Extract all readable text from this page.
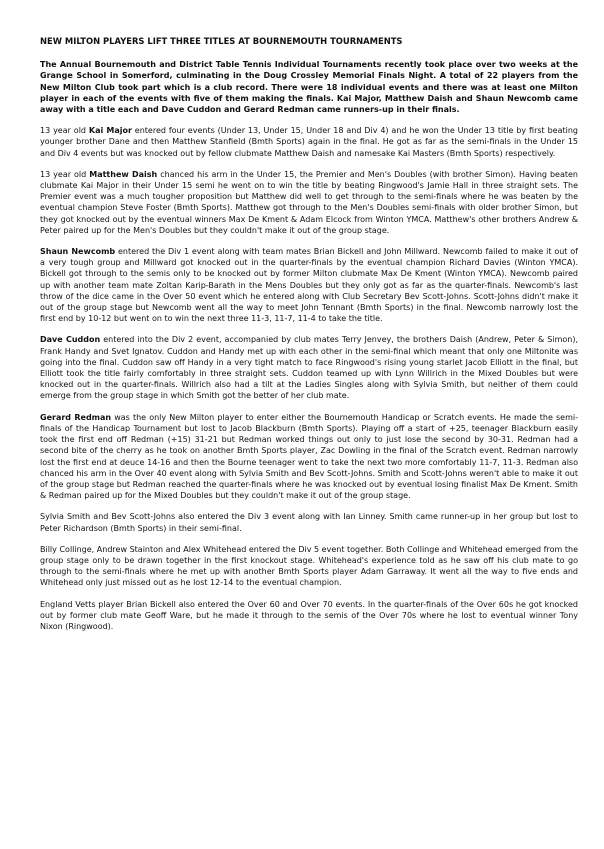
NEW MILTON PLAYERS LIFT THREE TITLES AT BOURNEMOUTH TOURNAMENTS
The Annual Bournemouth and District Table Tennis Individual Tournaments recently took place over two weeks at the Grange School in Somerford, culminating in the Doug Crossley Memorial Finals Night. A total of 22 players from the New Milton Club took part which is a club record. There were 18 individual events and there was at least one Milton player in each of the events with five of them making the finals. Kai Major, Matthew Daish and Shaun Newcomb came away with a title each and Dave Cuddon and Gerard Redman came runners-up in their finals.

13 year old Kai Major entered four events (Under 13, Under 15, Under 18 and Div 4) and he won the Under 13 title by first beating younger brother Dane and then Matthew Stanfield (Bmth Sports) again in the final. He got as far as the semi-finals in the Under 15 and Div 4 events but was knocked out by fellow clubmate Matthew Daish and namesake Kai Masters (Bmth Sports) respectively.

13 year old Matthew Daish chanced his arm in the Under 15, the Premier and Men's Doubles (with brother Simon). Having beaten clubmate Kai Major in their Under 15 semi he went on to win the title by beating Ringwood's Jamie Hall in three straight sets. The Premier event was a much tougher proposition but Matthew did well to get through to the semi-finals where he was beaten by the eventual champion Steve Foster (Bmth Sports). Matthew got through to the Men's Doubles semi-finals with older brother Simon, but they got knocked out by the eventual winners Max De Kment & Adam Elcock from Winton YMCA. Matthew's other brothers Andrew & Peter paired up for the Men's Doubles but they couldn't make it out of the group stage.

Shaun Newcomb entered the Div 1 event along with team mates Brian Bickell and John Millward. Newcomb failed to make it out of a very tough group and Millward got knocked out in the quarter-finals by the eventual champion Richard Davies (Winton YMCA). Bickell got through to the semis only to be knocked out by former Milton clubmate Max De Kment (Winton YMCA). Newcomb paired up with another team mate Zoltan Karip-Barath in the Mens Doubles but they only got as far as the quarter-finals. Newcomb's last throw of the dice came in the Over 50 event which he entered along with Club Secretary Bev Scott-Johns. Scott-Johns didn't make it out of the group stage but Newcomb went all the way to meet John Tennant (Bmth Sports) in the final. Newcomb narrowly lost the first end by 10-12 but went on to win the next three 11-3, 11-7, 11-4 to take the title.

Dave Cuddon entered into the Div 2 event, accompanied by club mates Terry Jenvey, the brothers Daish (Andrew, Peter & Simon), Frank Handy and Svet Ignatov. Cuddon and Handy met up with each other in the semi-final which meant that only one Miltonite was going into the final. Cuddon saw off Handy in a very tight match to face Ringwood's rising young starlet Jacob Elliott in the final, but Elliott took the title fairly comfortably in three straight sets. Cuddon teamed up with Lynn Willrich in the Mixed Doubles but were knocked out in the quarter-finals. Willrich also had a tilt at the Ladies Singles along with Sylvia Smith, but neither of them could emerge from the group stage in which Smith got the better of her club mate.

Gerard Redman was the only New Milton player to enter either the Bournemouth Handicap or Scratch events. He made the semi-finals of the Handicap Tournament but lost to Jacob Blackburn (Bmth Sports). Playing off a start of +25, teenager Blackburn easily took the first end off Redman (+15) 31-21 but Redman worked things out only to just lose the second by 30-31. Redman had a second bite of the cherry as he took on another Bmth Sports player, Zac Dowling in the final of the Scratch event. Redman narrowly lost the first end at deuce 14-16 and then the Bourne teenager went to take the next two more comfortably 11-7, 11-3. Redman also chanced his arm in the Over 40 event along with Sylvia Smith and Bev Scott-Johns. Smith and Scott-Johns weren't able to make it out of the group stage but Redman reached the quarter-finals where he was knocked out by eventual losing finalist Max De Kment. Smith & Redman paired up for the Mixed Doubles but they couldn't make it out of the group stage.

Sylvia Smith and Bev Scott-Johns also entered the Div 3 event along with Ian Linney. Smith came runner-up in her group but lost to Peter Richardson (Bmth Sports) in their semi-final.

Billy Collinge, Andrew Stainton and Alex Whitehead entered the Div 5 event together. Both Collinge and Whitehead emerged from the group stage only to be drawn together in the first knockout stage. Whitehead's experience told as he saw off his club mate to go through to the semi-finals where he met up with another Bmth Sports player Adam Garraway. It went all the way to five ends and Whitehead only just missed out as he lost 12-14 to the eventual champion.

England Vetts player Brian Bickell also entered the Over 60 and Over 70 events. In the quarter-finals of the Over 60s he got knocked out by former club mate Geoff Ware, but he made it through to the semis of the Over 70s where he lost to eventual winner Tony Nixon (Ringwood).
